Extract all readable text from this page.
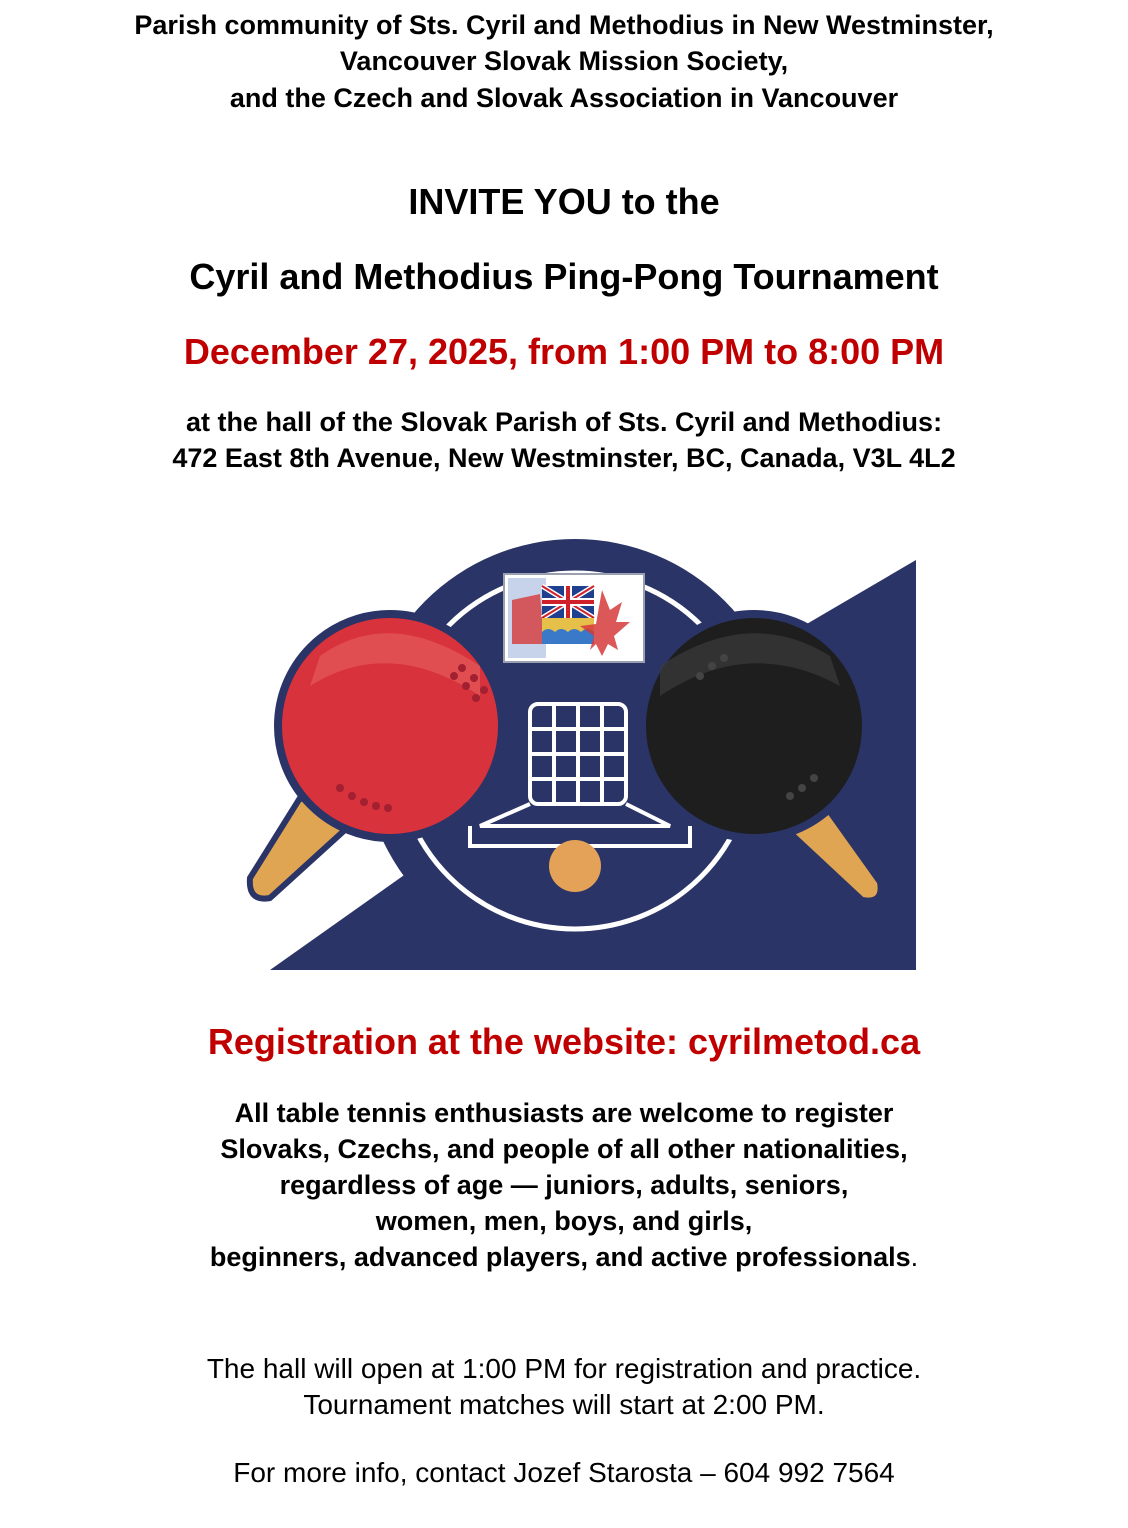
Parish community of Sts. Cyril and Methodius in New Westminster,
Vancouver Slovak Mission Society,
and the Czech and Slovak Association in Vancouver
INVITE YOU to the
Cyril and Methodius Ping-Pong Tournament
December 27, 2025, from 1:00 PM to 8:00 PM
at the hall of the Slovak Parish of Sts. Cyril and Methodius:
472 East 8th Avenue, New Westminster, BC, Canada, V3L 4L2
Registration at the website: cyrilmetod.ca
All table tennis enthusiasts are welcome to register
Slovaks, Czechs, and people of all other nationalities,
regardless of age — juniors, adults, seniors,
women, men, boys, and girls,
beginners, advanced players, and active professionals.
The hall will open at 1:00 PM for registration and practice.
Tournament matches will start at 2:00 PM.
For more info, contact Jozef Starosta – 604 992 7564
